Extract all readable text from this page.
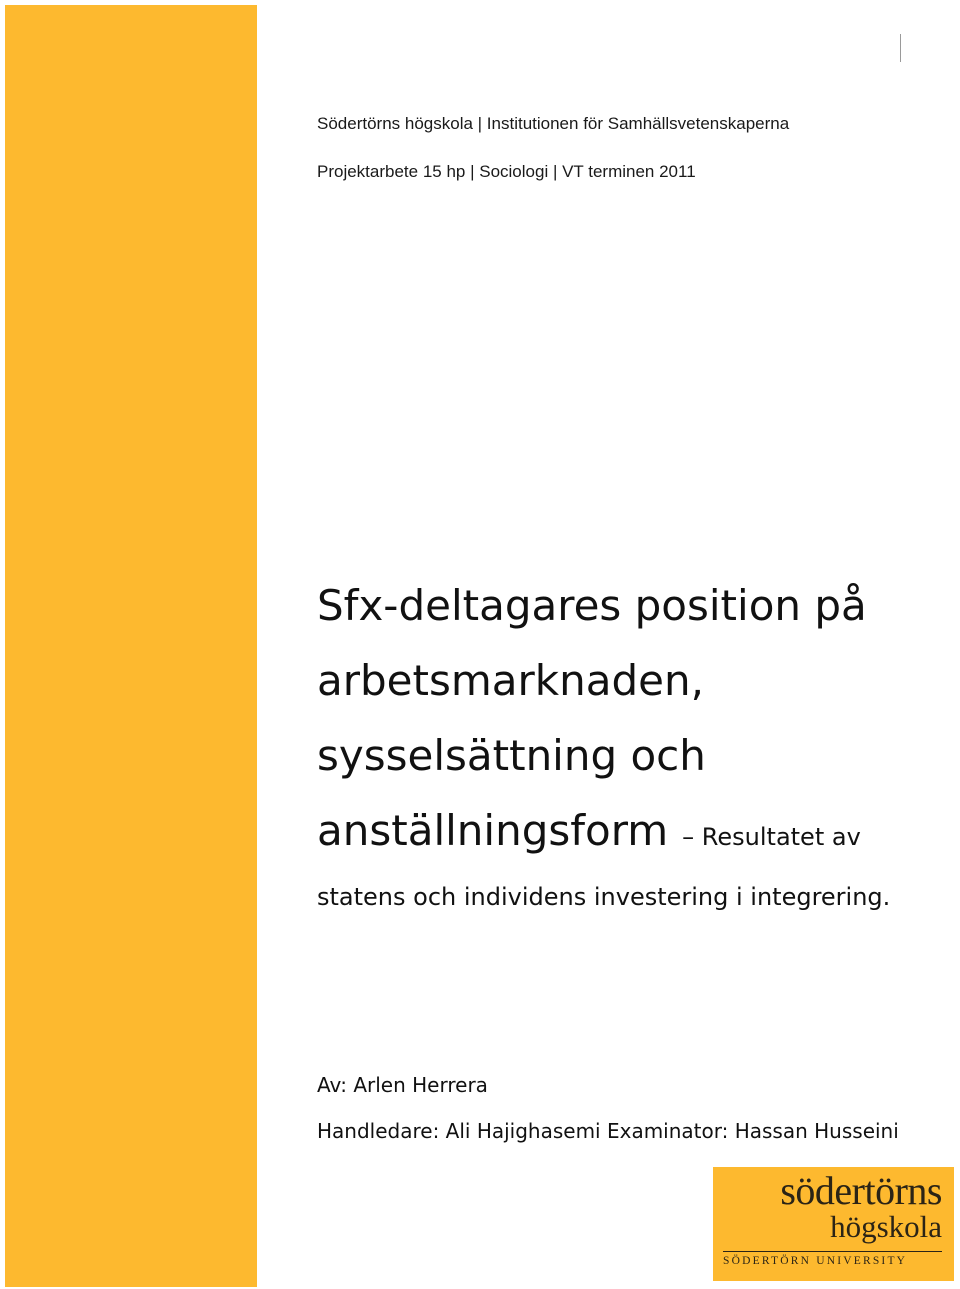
Södertörns högskola | Institutionen för Samhällsvetenskaperna
Projektarbete 15 hp | Sociologi | VT terminen 2011
Sfx-deltagares position på
arbetsmarknaden,
sysselsättning och
anställningsform – Resultatet av
statens och individens investering i integrering.
Av: Arlen Herrera
Handledare: Ali Hajighasemi Examinator: Hassan Husseini
södertörns
högskola
SÖDERTÖRN UNIVERSITY
